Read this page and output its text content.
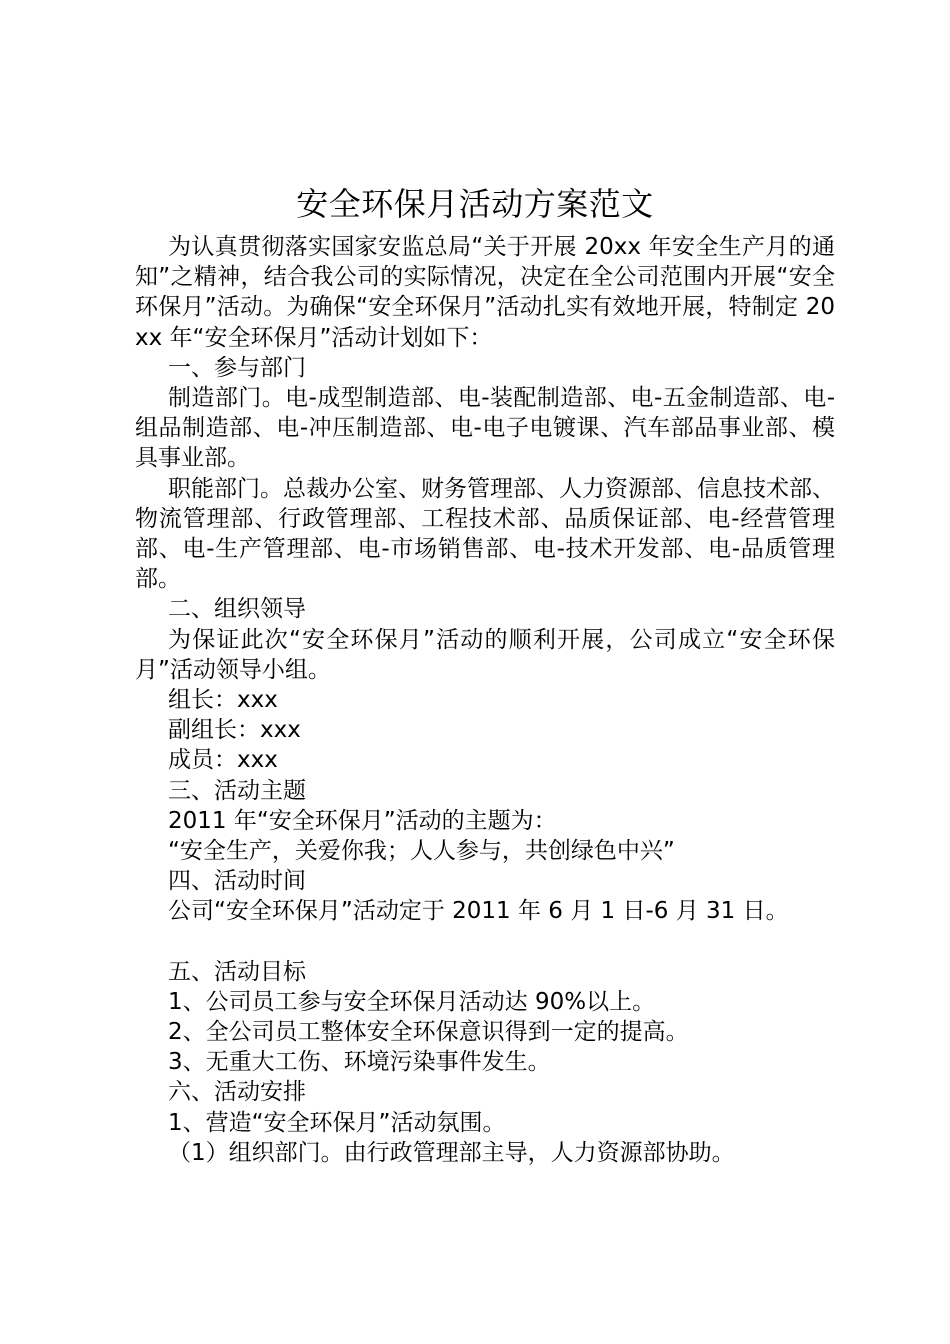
安全环保月活动方案范文

为认真贯彻落实国家安监总局“关于开展 20xx 年安全生产月的通知”之精神，结合我公司的实际情况，决定在全公司范围内开展“安全环保月”活动。为确保“安全环保月”活动扎实有效地开展，特制定 20xx 年“安全环保月”活动计划如下：

一、参与部门

制造部门。电-成型制造部、电-装配制造部、电-五金制造部、电-组品制造部、电-冲压制造部、电-电子电镀课、汽车部品事业部、模具事业部。

职能部门。总裁办公室、财务管理部、人力资源部、信息技术部、物流管理部、行政管理部、工程技术部、品质保证部、电-经营管理部、电-生产管理部、电-市场销售部、电-技术开发部、电-品质管理部。

二、组织领导

为保证此次“安全环保月”活动的顺利开展，公司成立“安全环保月”活动领导小组。

组长：xxx

副组长：xxx

成员：xxx

三、活动主题

2011 年“安全环保月”活动的主题为：

“安全生产，关爱你我；人人参与，共创绿色中兴”

四、活动时间

公司“安全环保月”活动定于 2011 年 6 月 1 日-6 月 31 日。

五、活动目标

1、公司员工参与安全环保月活动达 90%以上。

2、全公司员工整体安全环保意识得到一定的提高。

3、无重大工伤、环境污染事件发生。

六、活动安排

1、营造“安全环保月”活动氛围。

（1）组织部门。由行政管理部主导，人力资源部协助。
